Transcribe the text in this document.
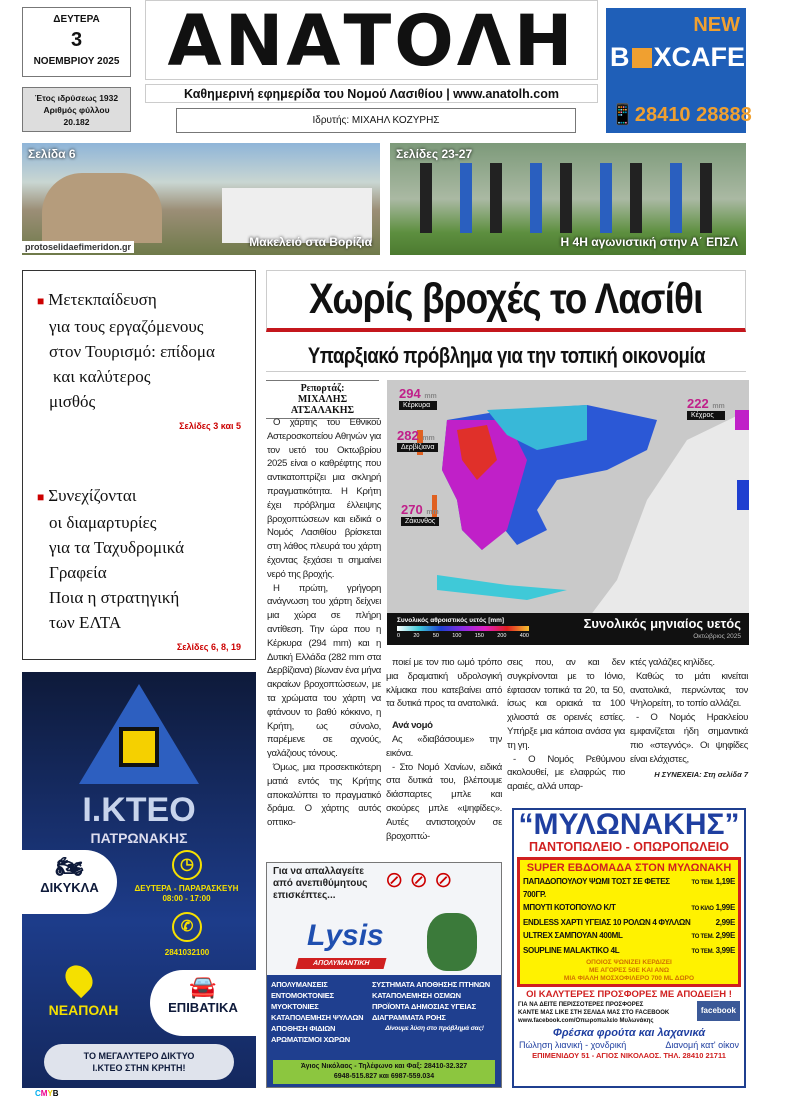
ΔΕΥΤΕΡΑ
3
ΝΟΕΜΒΡΙΟΥ 2025
Έτος ιδρύσεως 1932
Αριθμός φύλλου
20.182
ΑΝΑΤΟΛΗ
Καθημερινή εφημερίδα του Νομού Λασιθίου | www.anatolh.com
Ιδρυτής: ΜΙΧΑΗΛ ΚΟΖΥΡΗΣ
NEW
B XCAFE
📱28410 28888
Σελίδα 6
Μακελειό στα Βορίζια
protoselidaefimeridon.gr
Σελίδες 23-27
Η 4Η αγωνιστική στην Α΄ ΕΠΣΛ
■ Μετεκπαίδευση
για τους εργαζόμενους
στον Τουρισμό: επίδομα
και καλύτερος
μισθός
Σελίδες 3 και 5
■ Συνεχίζονται
οι διαμαρτυρίες
για τα Ταχυδρομικά
Γραφεία
Ποια η στρατηγική
των ΕΛΤΑ
Σελίδες 6, 8, 19
Χωρίς βροχές το Λασίθι
Υπαρξιακό πρόβλημα για την τοπική οικονομία
Ρεπορτάζ:
ΜΙΧΑΛΗΣ ΑΤΣΑΛΑΚΗΣ

Ο χάρτης του Εθνικού Αστεροσκοπείου Αθηνών για τον υετό του Οκτωβρίου 2025 είναι ο καθρέφτης που αντικατοπτρίζει μια σκληρή πραγματικότητα. Η Κρήτη έχει πρόβλημα έλλειψης βροχοπτώσεων και ειδικά ο Νομός Λασιθίου βρίσκεται στη λάθος πλευρά του χάρτη έχοντας ξεχάσει τι σημαίνει νερό της βροχής.

Η πρώτη, γρήγορη ανάγνωση του χάρτη δείχνει μια χώρα σε πλήρη αντίθεση. Την ώρα που η Κέρκυρα (294 mm) και η Δυτική Ελλάδα (282 mm στα Δερβίζιανα) βίωναν ένα μήνα ακραίων βροχοπτώσεων, με τα χρώματα του χάρτη να φτάνουν το βαθύ κόκκινο, η Κρήτη, ως σύνολο, παρέμενε σε αχνούς, γαλάζιους τόνους.

Όμως, μια προσεκτικότερη ματιά εντός της Κρήτης αποκαλύπτει το πραγματικό δράμα. Ο χάρτης αυτός οπτικο-

294 mm
Κέρκυρα
282 mm
Δερβίζιανα
270 mm
Ζάκυνθος
222 mm
Κέχρος
Συνολικός αθροιστικός υετός [mm]
0 20 50 100 150 200 400
Συνολικός μηνιαίος υετός
Οκτώβριος 2025

ποιεί με τον πιο ωμό τρόπο μια δραματική υδρολογική κλίμακα που κατεβαίνει από τα δυτικά προς τα ανατολικά.

Ανά νομό

Ας «διαβάσουμε» την εικόνα.

- Στο Νομό Χανίων, ειδικά στα δυτικά του, βλέπουμε διάσπαρτες μπλε και σκούρες μπλε «ψηφίδες». Αυτές αντιστοιχούν σε βροχοπτώ-

σεις που, αν και δεν συγκρίνονται με το Ιόνιο, έφτασαν τοπικά τα 20, τα 50, ίσως και οριακά τα 100 χιλιοστά σε ορεινές εστίες. Υπήρξε μια κάποια ανάσα για τη γη.

- Ο Νομός Ρεθύμνου ακολουθεί, με ελαφρώς πιο αραιές, αλλά υπαρ-

κτές γαλάζιες κηλίδες.

Καθώς το μάτι κινείται ανατολικά, περνώντας τον Ψηλορείτη, το τοπίο αλλάζει.

- Ο Νομός Ηρακλείου εμφανίζεται ήδη σημαντικά πιο «στεγνός». Οι ψηφίδες είναι ελάχιστες,

Η ΣΥΝΕΧΕΙΑ: Στη σελίδα 7
Ι.ΚΤΕΟ
ΠΑΤΡΩΝΑΚΗΣ
🏍
ΔΙΚΥΚΛΑ
◷
ΔΕΥΤΕΡΑ - ΠΑΡΑΡΑΣΚΕΥΗ
08:00 - 17:00
✆
2841032100
ΝΕΑΠΟΛΗ
🚘
ΕΠΙΒΑΤΙΚΑ
ΤΟ ΜΕΓΑΛΥΤΕΡΟ ΔΙΚΤΥΟ
Ι.ΚΤΕΟ ΣΤΗΝ ΚΡΗΤΗ!
Για να απαλλαγείτε από ανεπιθύμητους επισκέπτες...
⊘ ⊘ ⊘
Lysis
ΑΠΟΛΥΜΑΝΤΙΚΗ
ΑΠΟΛΥΜΑΝΣΕΙΣ
ΕΝΤΟΜΟΚΤΟΝΙΕΣ
ΜΥΟΚΤΟΝΙΕΣ
ΚΑΤΑΠΟΛΕΜΗΣΗ ΨΥΛΛΩΝ
ΑΠΟΘΗΣΗ ΦΙΔΙΩΝ
ΑΡΩΜΑΤΙΣΜΟΙ ΧΩΡΩΝ
ΣΥΣΤΗΜΑΤΑ ΑΠΟΘΗΣΗΣ ΠΤΗΝΩΝ
ΚΑΤΑΠΟΛΕΜΗΣΗ ΟΣΜΩΝ
ΠΡΟΪΟΝΤΑ ΔΗΜΟΣΙΑΣ ΥΓΕΙΑΣ
ΔΙΑΓΡΑΜΜΑΤΑ ΡΟΗΣ
Δίνουμε λύση στο πρόβλημά σας!
Άγιος Νικόλαος - Τηλέφωνο και Φαξ: 28410-32.327
6948-515.827 και 6987-559.034
“ΜΥΛΩΝΑΚΗΣ”
ΠΑΝΤΟΠΩΛΕΙΟ - ΟΠΩΡΟΠΩΛΕΙΟ
SUPER ΕΒΔΟΜΑΔΑ ΣΤΟΝ ΜΥΛΩΝΑΚΗ
ΠΑΠΑΔΟΠΟΥΛΟΥ ΨΩΜΙ ΤΟΣΤ ΣΕ ΦΕΤΕΣ 700ΓΡ.
ΤΟ ΤΕΜ. 1,19Ε
ΜΠΟΥΤΙ ΚΟΤΟΠΟΥΛΟ Κ/Τ	ΤΟ ΚΙΛΟ 1,99Ε
ENDLESS ΧΑΡΤΙ ΥΓΕΙΑΣ 10 ΡΟΛΩΝ 4 ΦΥΛΛΩΝ	2,99Ε
ULTREX ΣΑΜΠΟΥΑΝ 400ML	ΤΟ ΤΕΜ. 2,99Ε
SOUPLINE MALAKTIKO 4L	ΤΟ ΤΕΜ. 3,99Ε
ΟΠΟΙΟΣ ΨΩΝΙΖΕΙ ΚΕΡΔΙΖΕΙ
ΜΕ ΑΓΟΡΕΣ 50Ε ΚΑΙ ΑΝΩ
ΜΙΑ ΦΙΑΛΗ ΜΟΣΧΟΦΙΛΕΡΟ 700 ML ΔΩΡΟ
ΟΙ ΚΑΛΥΤΕΡΕΣ ΠΡΟΣΦΟΡΕΣ ΜΕ ΑΠΟΔΕΙΞΗ !
ΓΙΑ ΝΑ ΔΕΙΤΕ ΠΕΡΙΣΣΟΤΕΡΕΣ ΠΡΟΣΦΟΡΕΣ
ΚΑΝΤΕ ΜΑΣ LIKE ΣΤΗ ΣΕΛΙΔΑ ΜΑΣ ΣΤΟ FACEBOOK
www.facebook.com/Οπωροπωλείο Μυλωνάκης
facebook
Φρέσκα φρούτα και λαχανικά
Πώληση λιανική - χονδρική	Διανομή κατ' οίκον
ΕΠΙΜΕΝΙΔΟΥ 51 - ΑΓΙΟΣ ΝΙΚΟΛΑΟΣ. ΤΗΛ. 28410 21711
CMYB
